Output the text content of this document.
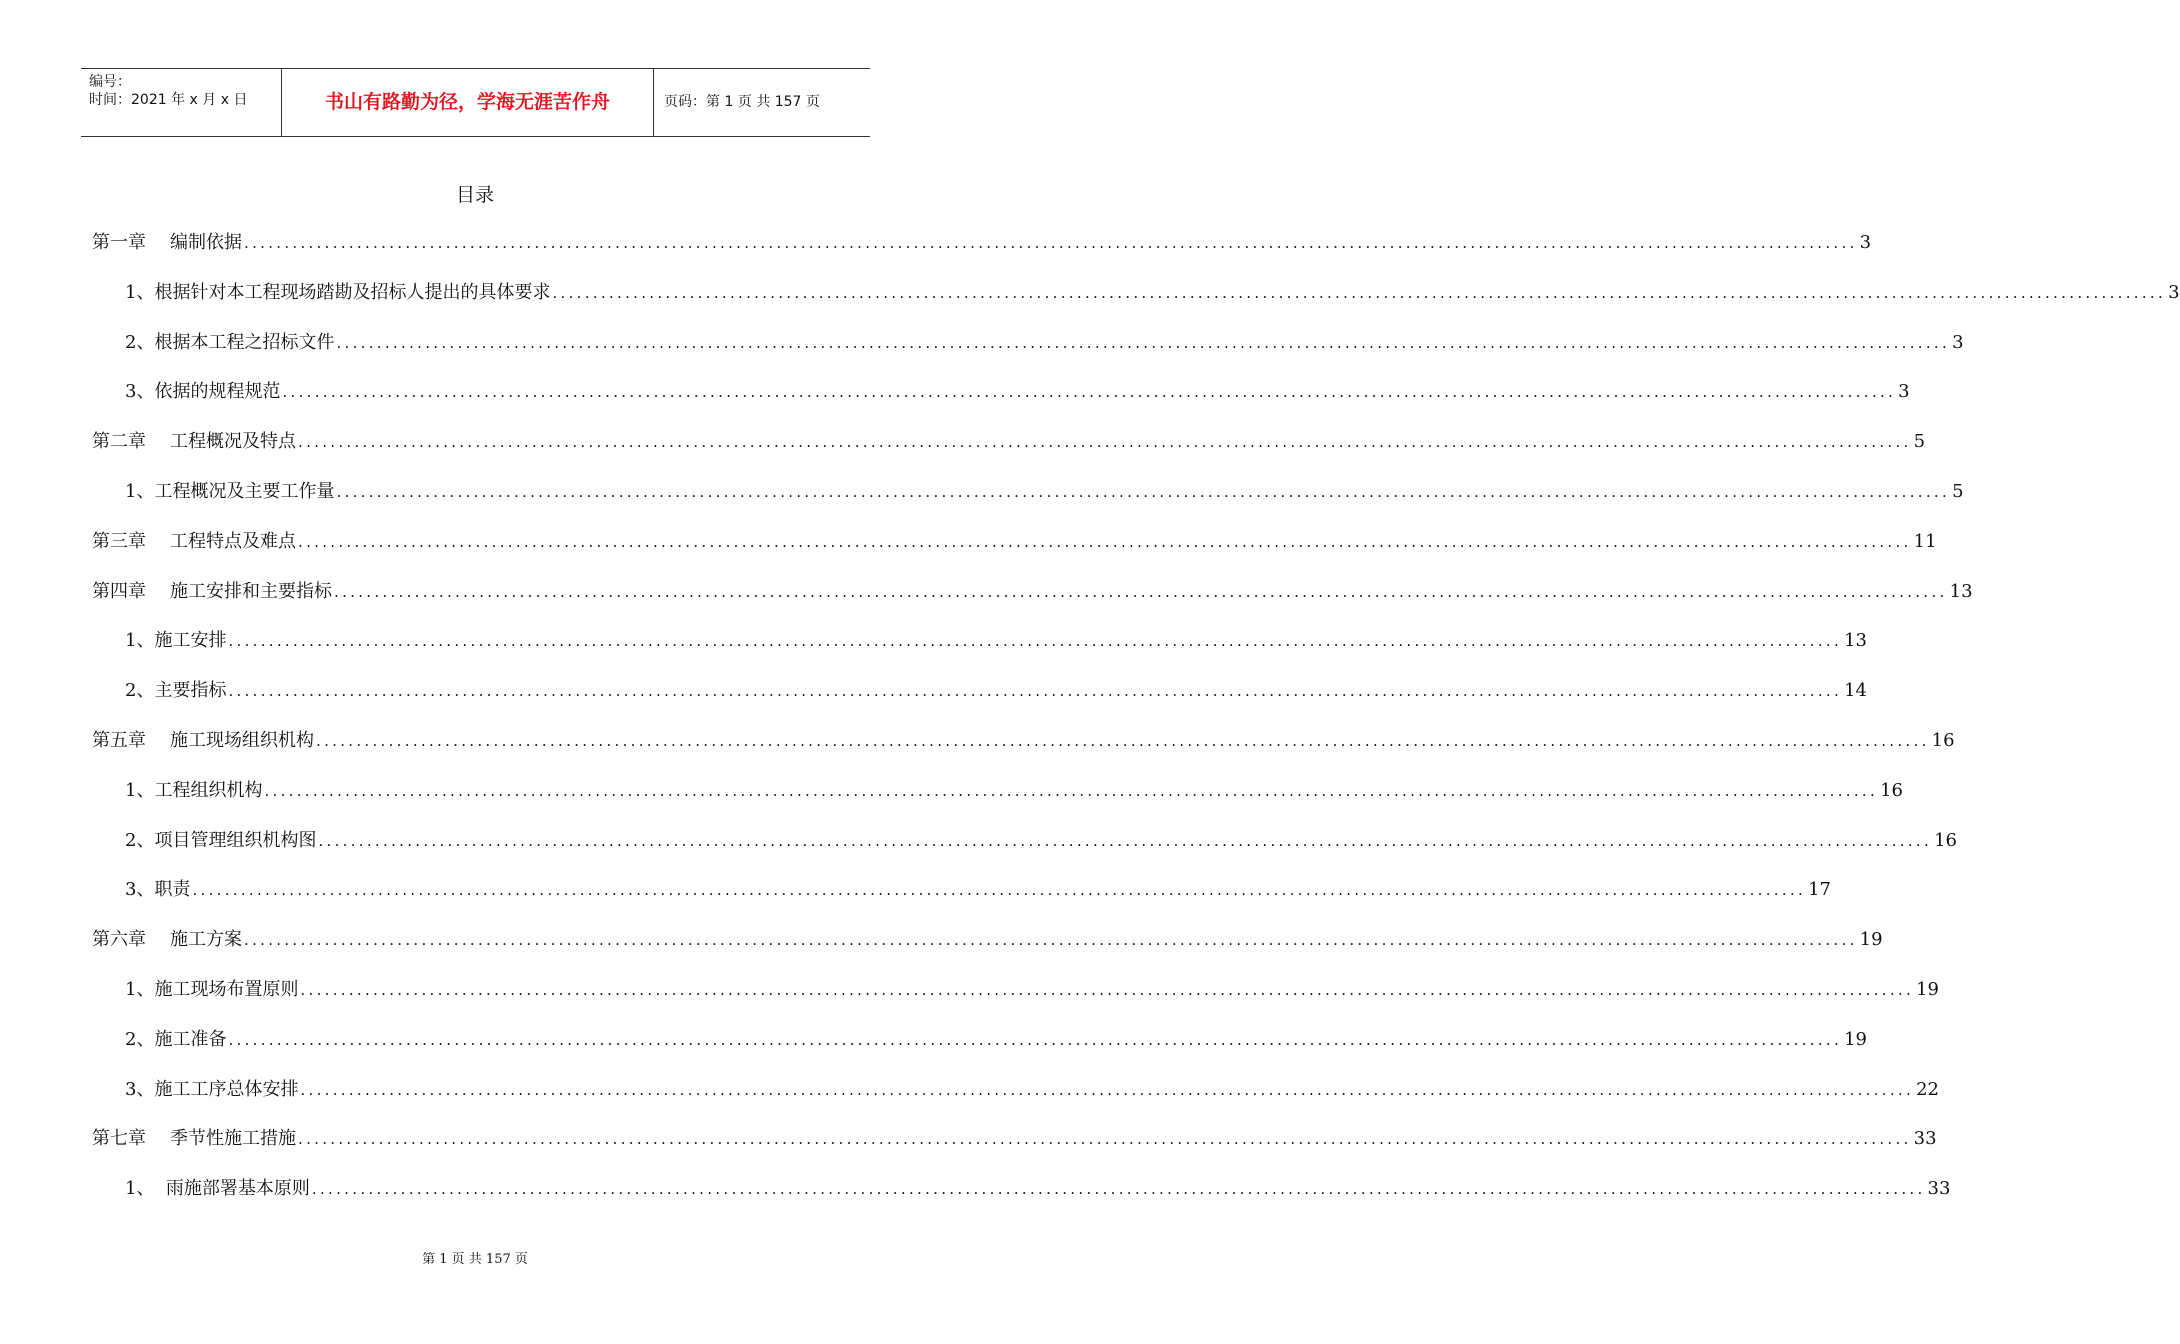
编号：
时间：2021 年 x 月 x 日	书山有路勤为径，学海无涯苦作舟	页码：第 1 页 共 157 页
目录
第一章 编制依据 ........................................................................................................................................................................................................ 3
1、 根据针对本工程现场踏勘及招标人提出的具体要求 ........................................................................................................................................................................................................ 3
2、 根据本工程之招标文件 ........................................................................................................................................................................................................ 3
3、 依据的规程规范 ........................................................................................................................................................................................................ 3
第二章 工程概况及特点 ........................................................................................................................................................................................................ 5
1、 工程概况及主要工作量 ........................................................................................................................................................................................................ 5
第三章 工程特点及难点 ........................................................................................................................................................................................................ 11
第四章 施工安排和主要指标 ........................................................................................................................................................................................................ 13
1、 施工安排 ........................................................................................................................................................................................................ 13
2、 主要指标 ........................................................................................................................................................................................................ 14
第五章 施工现场组织机构 ........................................................................................................................................................................................................ 16
1、 工程组织机构 ........................................................................................................................................................................................................ 16
2、 项目管理组织机构图 ........................................................................................................................................................................................................ 16
3、 职责 ........................................................................................................................................................................................................ 17
第六章 施工方案 ........................................................................................................................................................................................................ 19
1、 施工现场布置原则 ........................................................................................................................................................................................................ 19
2、 施工准备 ........................................................................................................................................................................................................ 19
3、 施工工序总体安排 ........................................................................................................................................................................................................ 22
第七章 季节性施工措施 ........................................................................................................................................................................................................ 33
1、 雨施部署基本原则 ........................................................................................................................................................................................................ 33
第 1 页 共 157 页
